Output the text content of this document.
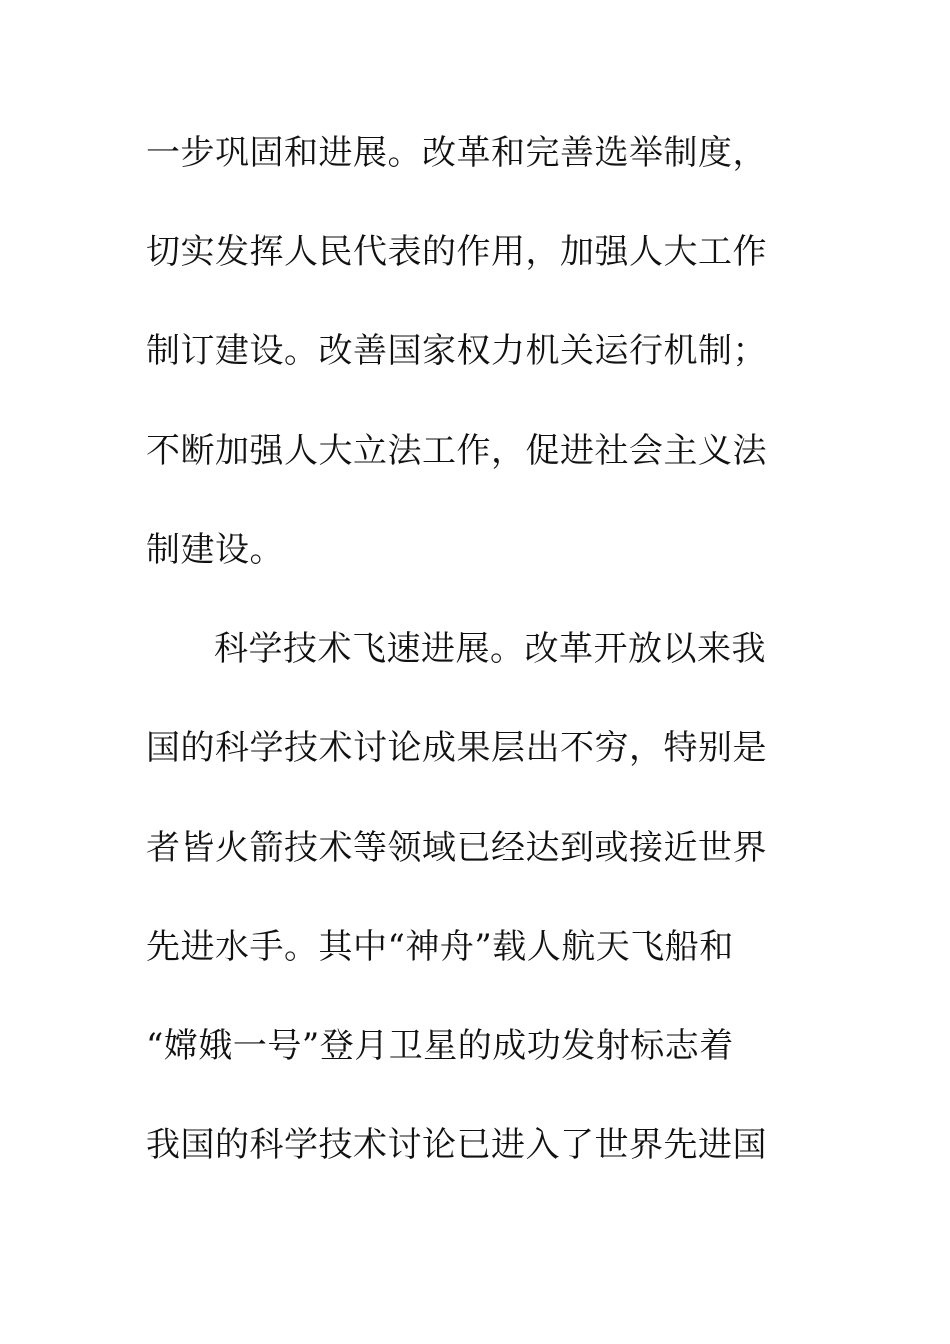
一步巩固和进展。改革和完善选举制度，
切实发挥人民代表的作用，加强人大工作
制订建设。改善国家权力机关运行机制；
不断加强人大立法工作，促进社会主义法
制建设。
科学技术飞速进展。改革开放以来我
国的科学技术讨论成果层出不穷，特别是
者皆火箭技术等领域已经达到或接近世界
先进水手。其中“神舟”载人航天飞船和
“嫦娥一号”登月卫星的成功发射标志着
我国的科学技术讨论已进入了世界先进国
